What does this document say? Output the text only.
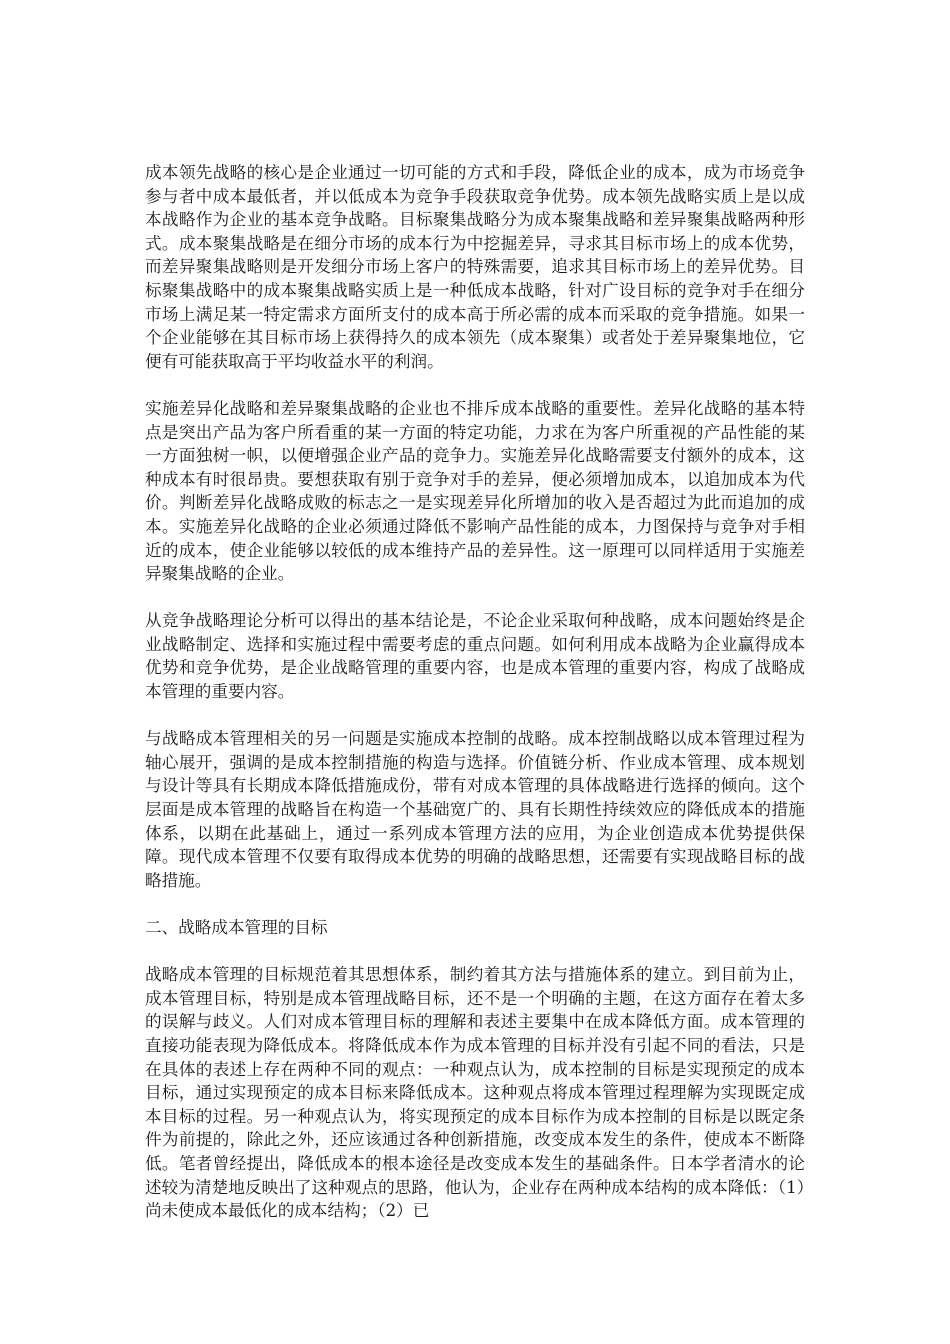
成本领先战略的核心是企业通过一切可能的方式和手段，降低企业的成本，成为市场竞争参与者中成本最低者，并以低成本为竞争手段获取竞争优势。成本领先战略实质上是以成本战略作为企业的基本竞争战略。目标聚集战略分为成本聚集战略和差异聚集战略两种形式。成本聚集战略是在细分市场的成本行为中挖掘差异，寻求其目标市场上的成本优势，而差异聚集战略则是开发细分市场上客户的特殊需要，追求其目标市场上的差异优势。目标聚集战略中的成本聚集战略实质上是一种低成本战略，针对广设目标的竞争对手在细分市场上满足某一特定需求方面所支付的成本高于所必需的成本而采取的竞争措施。如果一个企业能够在其目标市场上获得持久的成本领先（成本聚集）或者处于差异聚集地位，它便有可能获取高于平均收益水平的利润。

实施差异化战略和差异聚集战略的企业也不排斥成本战略的重要性。差异化战略的基本特点是突出产品为客户所看重的某一方面的特定功能，力求在为客户所重视的产品性能的某一方面独树一帜，以便增强企业产品的竞争力。实施差异化战略需要支付额外的成本，这种成本有时很昂贵。要想获取有别于竞争对手的差异，便必须增加成本，以追加成本为代价。判断差异化战略成败的标志之一是实现差异化所增加的收入是否超过为此而追加的成本。实施差异化战略的企业必须通过降低不影响产品性能的成本，力图保持与竞争对手相近的成本，使企业能够以较低的成本维持产品的差异性。这一原理可以同样适用于实施差异聚集战略的企业。

从竞争战略理论分析可以得出的基本结论是，不论企业采取何种战略，成本问题始终是企业战略制定、选择和实施过程中需要考虑的重点问题。如何利用成本战略为企业赢得成本优势和竞争优势，是企业战略管理的重要内容，也是成本管理的重要内容，构成了战略成本管理的重要内容。

与战略成本管理相关的另一问题是实施成本控制的战略。成本控制战略以成本管理过程为轴心展开，强调的是成本控制措施的构造与选择。价值链分析、作业成本管理、成本规划与设计等具有长期成本降低措施成份，带有对成本管理的具体战略进行选择的倾向。这个层面是成本管理的战略旨在构造一个基础宽广的、具有长期性持续效应的降低成本的措施体系，以期在此基础上，通过一系列成本管理方法的应用，为企业创造成本优势提供保障。现代成本管理不仅要有取得成本优势的明确的战略思想，还需要有实现战略目标的战略措施。

二、战略成本管理的目标

战略成本管理的目标规范着其思想体系，制约着其方法与措施体系的建立。到目前为止，成本管理目标，特别是成本管理战略目标，还不是一个明确的主题，在这方面存在着太多的误解与歧义。人们对成本管理目标的理解和表述主要集中在成本降低方面。成本管理的直接功能表现为降低成本。将降低成本作为成本管理的目标并没有引起不同的看法，只是在具体的表述上存在两种不同的观点：一种观点认为，成本控制的目标是实现预定的成本目标，通过实现预定的成本目标来降低成本。这种观点将成本管理过程理解为实现既定成本目标的过程。另一种观点认为，将实现预定的成本目标作为成本控制的目标是以既定条件为前提的，除此之外，还应该通过各种创新措施，改变成本发生的条件，使成本不断降低。笔者曾经提出，降低成本的根本途径是改变成本发生的基础条件。日本学者清水的论述较为清楚地反映出了这种观点的思路，他认为，企业存在两种成本结构的成本降低：（1）尚未使成本最低化的成本结构；（2）已
